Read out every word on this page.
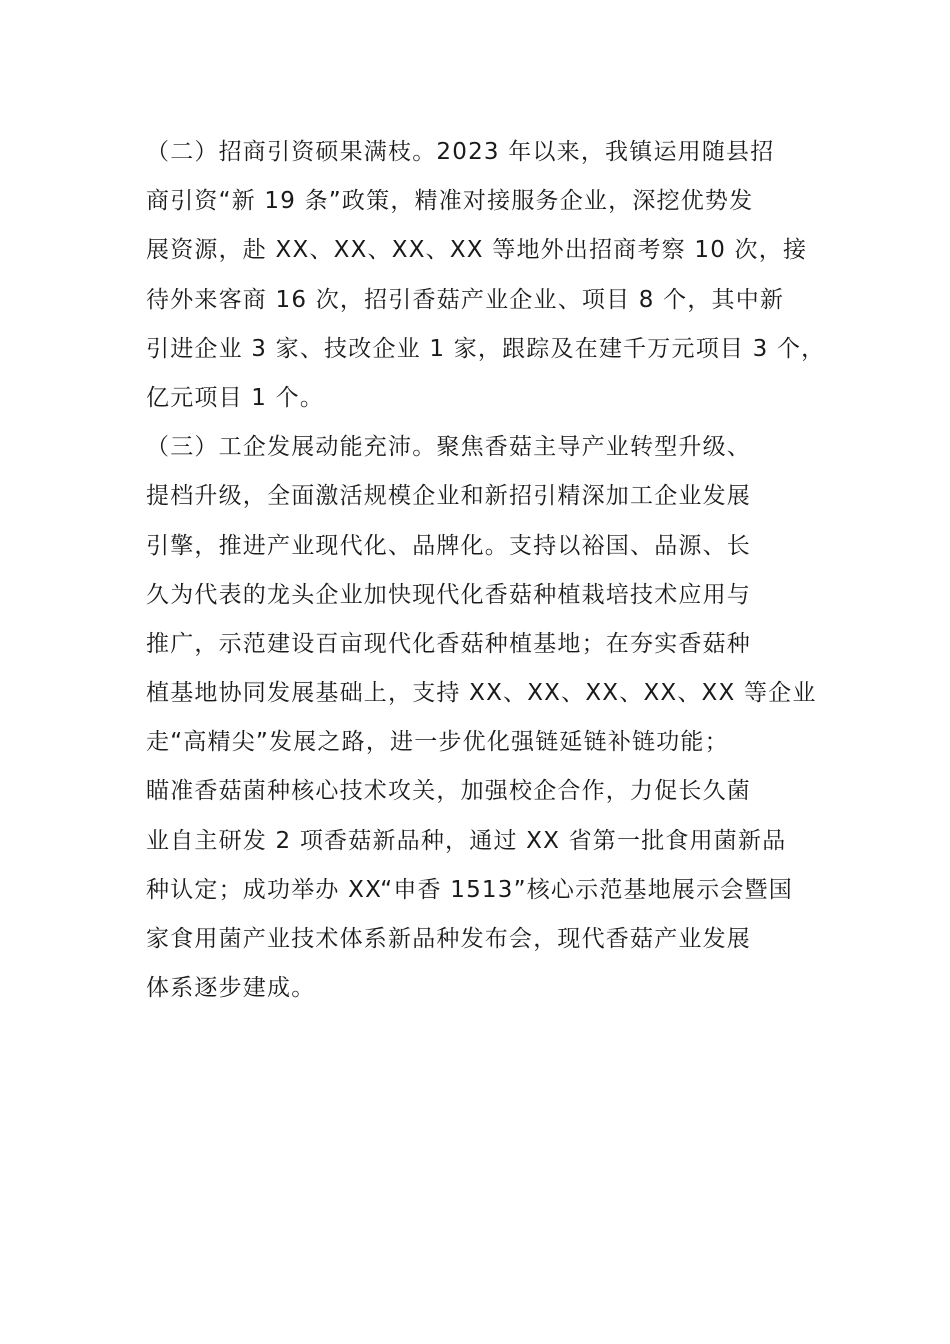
（二）招商引资硕果满枝。2023 年以来，我镇运用随县招
商引资“新 19 条”政策，精准对接服务企业，深挖优势发
展资源，赴 XX、XX、XX、XX 等地外出招商考察 10 次，接
待外来客商 16 次，招引香菇产业企业、项目 8 个，其中新
引进企业 3 家、技改企业 1 家，跟踪及在建千万元项目 3 个，
亿元项目 1 个。
（三）工企发展动能充沛。聚焦香菇主导产业转型升级、
提档升级，全面激活规模企业和新招引精深加工企业发展
引擎，推进产业现代化、品牌化。支持以裕国、品源、长
久为代表的龙头企业加快现代化香菇种植栽培技术应用与
推广，示范建设百亩现代化香菇种植基地；在夯实香菇种
植基地协同发展基础上，支持 XX、XX、XX、XX、XX 等企业
走“高精尖”发展之路，进一步优化强链延链补链功能；
瞄准香菇菌种核心技术攻关，加强校企合作，力促长久菌
业自主研发 2 项香菇新品种，通过 XX 省第一批食用菌新品
种认定；成功举办 XX“申香 1513”核心示范基地展示会暨国
家食用菌产业技术体系新品种发布会，现代香菇产业发展
体系逐步建成。
